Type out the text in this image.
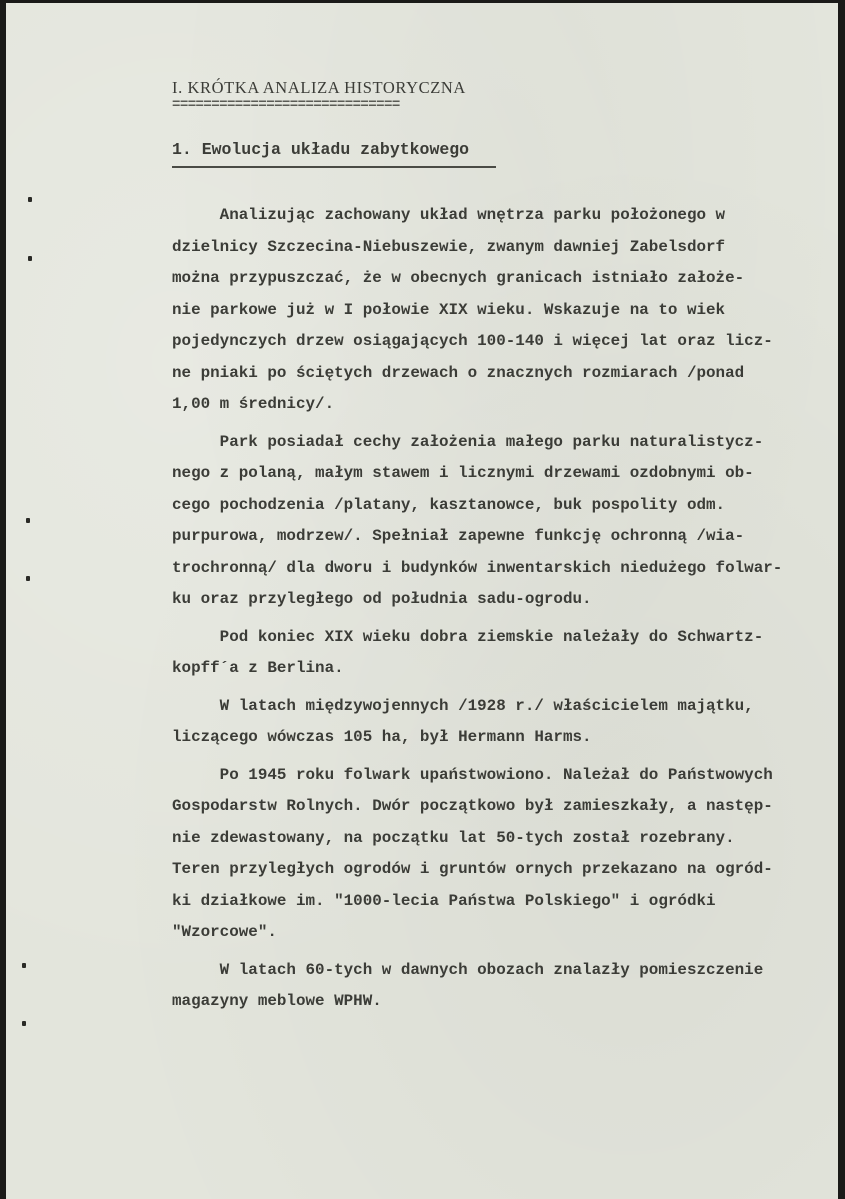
I. KRÓTKA ANALIZA HISTORYCZNA
=============================
1. Ewolucja układu zabytkowego
Analizując zachowany układ wnętrza parku położonego w
dzielnicy Szczecina-Niebuszewie, zwanym dawniej Zabelsdorf
można przypuszczać, że w obecnych granicach istniało założe-
nie parkowe już w I połowie XIX wieku. Wskazuje na to wiek
pojedynczych drzew osiągających 100-140 i więcej lat oraz licz-
ne pniaki po ściętych drzewach o znacznych rozmiarach /ponad
1,00 m średnicy/.
Park posiadał cechy założenia małego parku naturalistycz-
nego z polaną, małym stawem i licznymi drzewami ozdobnymi ob-
cego pochodzenia /platany, kasztanowce, buk pospolity odm.
purpurowa, modrzew/. Spełniał zapewne funkcję ochronną /wia-
trochronną/ dla dworu i budynków inwentarskich niedużego folwar-
ku oraz przyległego od południa sadu-ogrodu.
Pod koniec XIX wieku dobra ziemskie należały do Schwartz-
kopff´a z Berlina.
W latach międzywojennych /1928 r./ właścicielem majątku,
liczącego wówczas 105 ha, był Hermann Harms.
Po 1945 roku folwark upaństwowiono. Należał do Państwowych
Gospodarstw Rolnych. Dwór początkowo był zamieszkały, a następ-
nie zdewastowany, na początku lat 50-tych został rozebrany.
Teren przyległych ogrodów i gruntów ornych przekazano na ogród-
ki działkowe im. "1000-lecia Państwa Polskiego" i ogródki
"Wzorcowe".
W latach 60-tych w dawnych obozach znalazły pomieszczenie
magazyny meblowe WPHW.
